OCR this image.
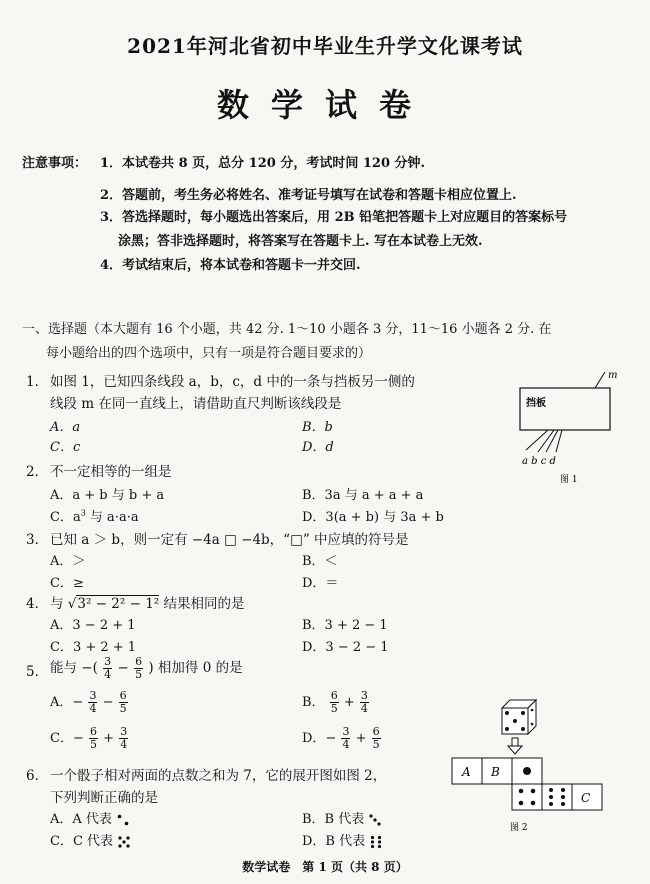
2021年河北省初中毕业生升学文化课考试
数学试卷
注意事项： 1．本试卷共 8 页，总分 120 分，考试时间 120 分钟.
2．答题前，考生务必将姓名、准考证号填写在试卷和答题卡相应位置上.
3．答选择题时，每小题选出答案后，用 2B 铅笔把答题卡上对应题目的答案标号
涂黑；答非选择题时，将答案写在答题卡上. 写在本试卷上无效.
4．考试结束后，将本试卷和答题卡一并交回.
一、选择题（本大题有 16 个小题，共 42 分. 1～10 小题各 3 分，11～16 小题各 2 分. 在
每小题给出的四个选项中，只有一项是符合题目要求的）
1． 如图 1，已知四条线段 a，b，c，d 中的一条与挡板另一侧的
线段 m 在同一直线上，请借助直尺判断该线段是
A．a	B．b
C．c	D．d
m
挡板
a b c d
图 1
2． 不一定相等的一组是
A．a + b 与 b + a	B．3a 与 a + a + a
C．$a^3$ 与 a·a·a	D．3(a + b) 与 3a + b
3． 已知 a ＞ b，则一定有 −4a □ −4b，“□” 中应填的符号是
A．＞	B．＜
C．≥	D．＝
4． 与 √3² − 2² − 1² 结果相同的是
A．3 − 2 + 1	B．3 + 2 − 1
C．3 + 2 + 1	D．3 − 2 − 1
5． 能与 −( $\frac{3}{4} - \frac{6}{5}$ ) 相加得 0 的是
A．− $\frac{3}{4} - \frac{6}{5}$	B． $\frac{6}{5} + \frac{3}{4}$
C．− $\frac{6}{5} + \frac{3}{4}$	D．− $\frac{3}{4} + \frac{6}{5}$
6． 一个骰子相对两面的点数之和为 7，它的展开图如图 2，
下列判断正确的是
A．A 代表	B．B 代表
C．C 代表	D．B 代表
A B
C
图 2
数学试卷　第 1 页（共 8 页）
